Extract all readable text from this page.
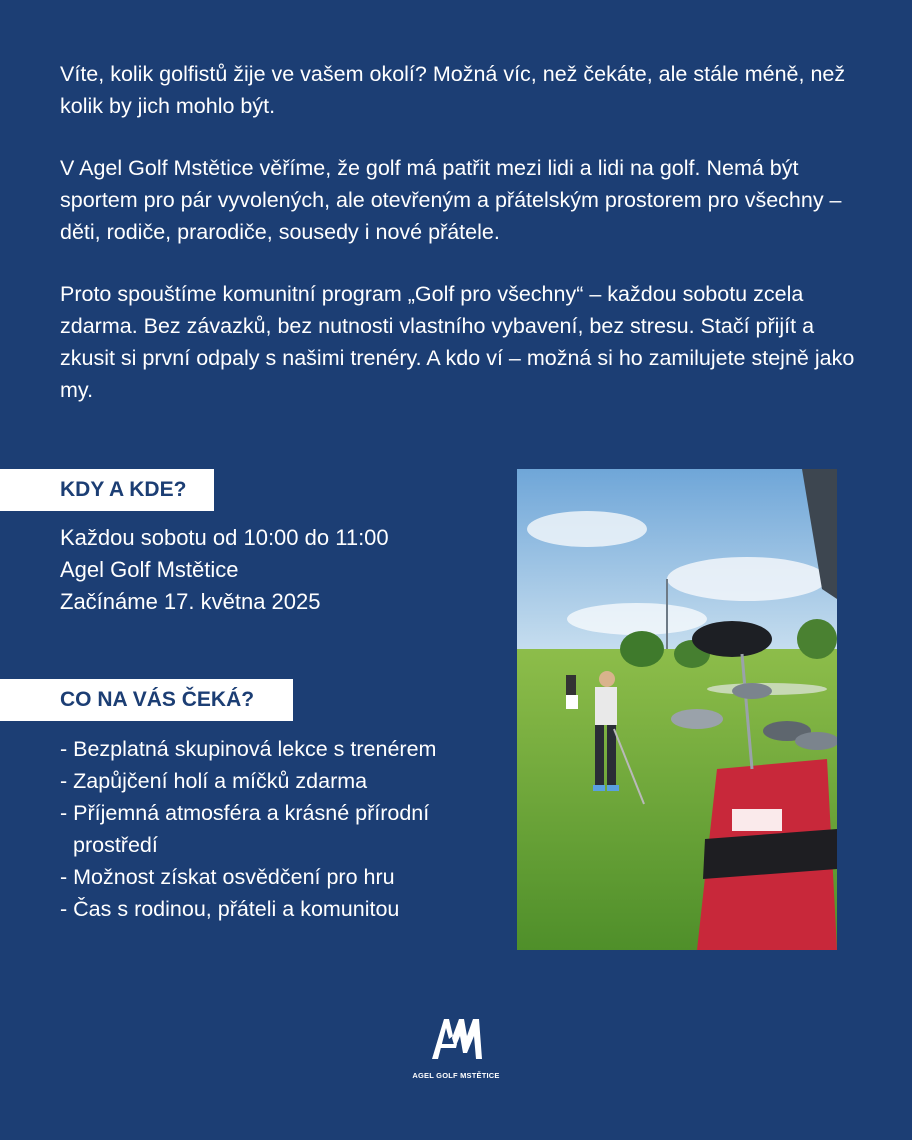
Víte, kolik golfistů žije ve vašem okolí? Možná víc, než čekáte, ale stále méně, než kolik by jich mohlo být.

V Agel Golf Mstětice věříme, že golf má patřit mezi lidi a lidi na golf. Nemá být sportem pro pár vyvolených, ale otevřeným a přátelským prostorem pro všechny – děti, rodiče, prarodiče, sousedy i nové přátele.

Proto spouštíme komunitní program „Golf pro všechny“ – každou sobotu zcela zdarma. Bez závazků, bez nutnosti vlastního vybavení, bez stresu. Stačí přijít a zkusit si první odpaly s našimi trenéry. A kdo ví – možná si ho zamilujete stejně jako my.

KDY A KDE?
Každou sobotu od 10:00 do 11:00
Agel Golf Mstětice
Začínáme 17. května 2025
CO NA VÁS ČEKÁ?
- Bezplatná skupinová lekce s trenérem
- Zapůjčení holí a míčků zdarma
- Příjemná atmosféra a krásné přírodní prostředí
- Možnost získat osvědčení pro hru
- Čas s rodinou, přáteli a komunitou
AGEL GOLF MSTĚTICE
